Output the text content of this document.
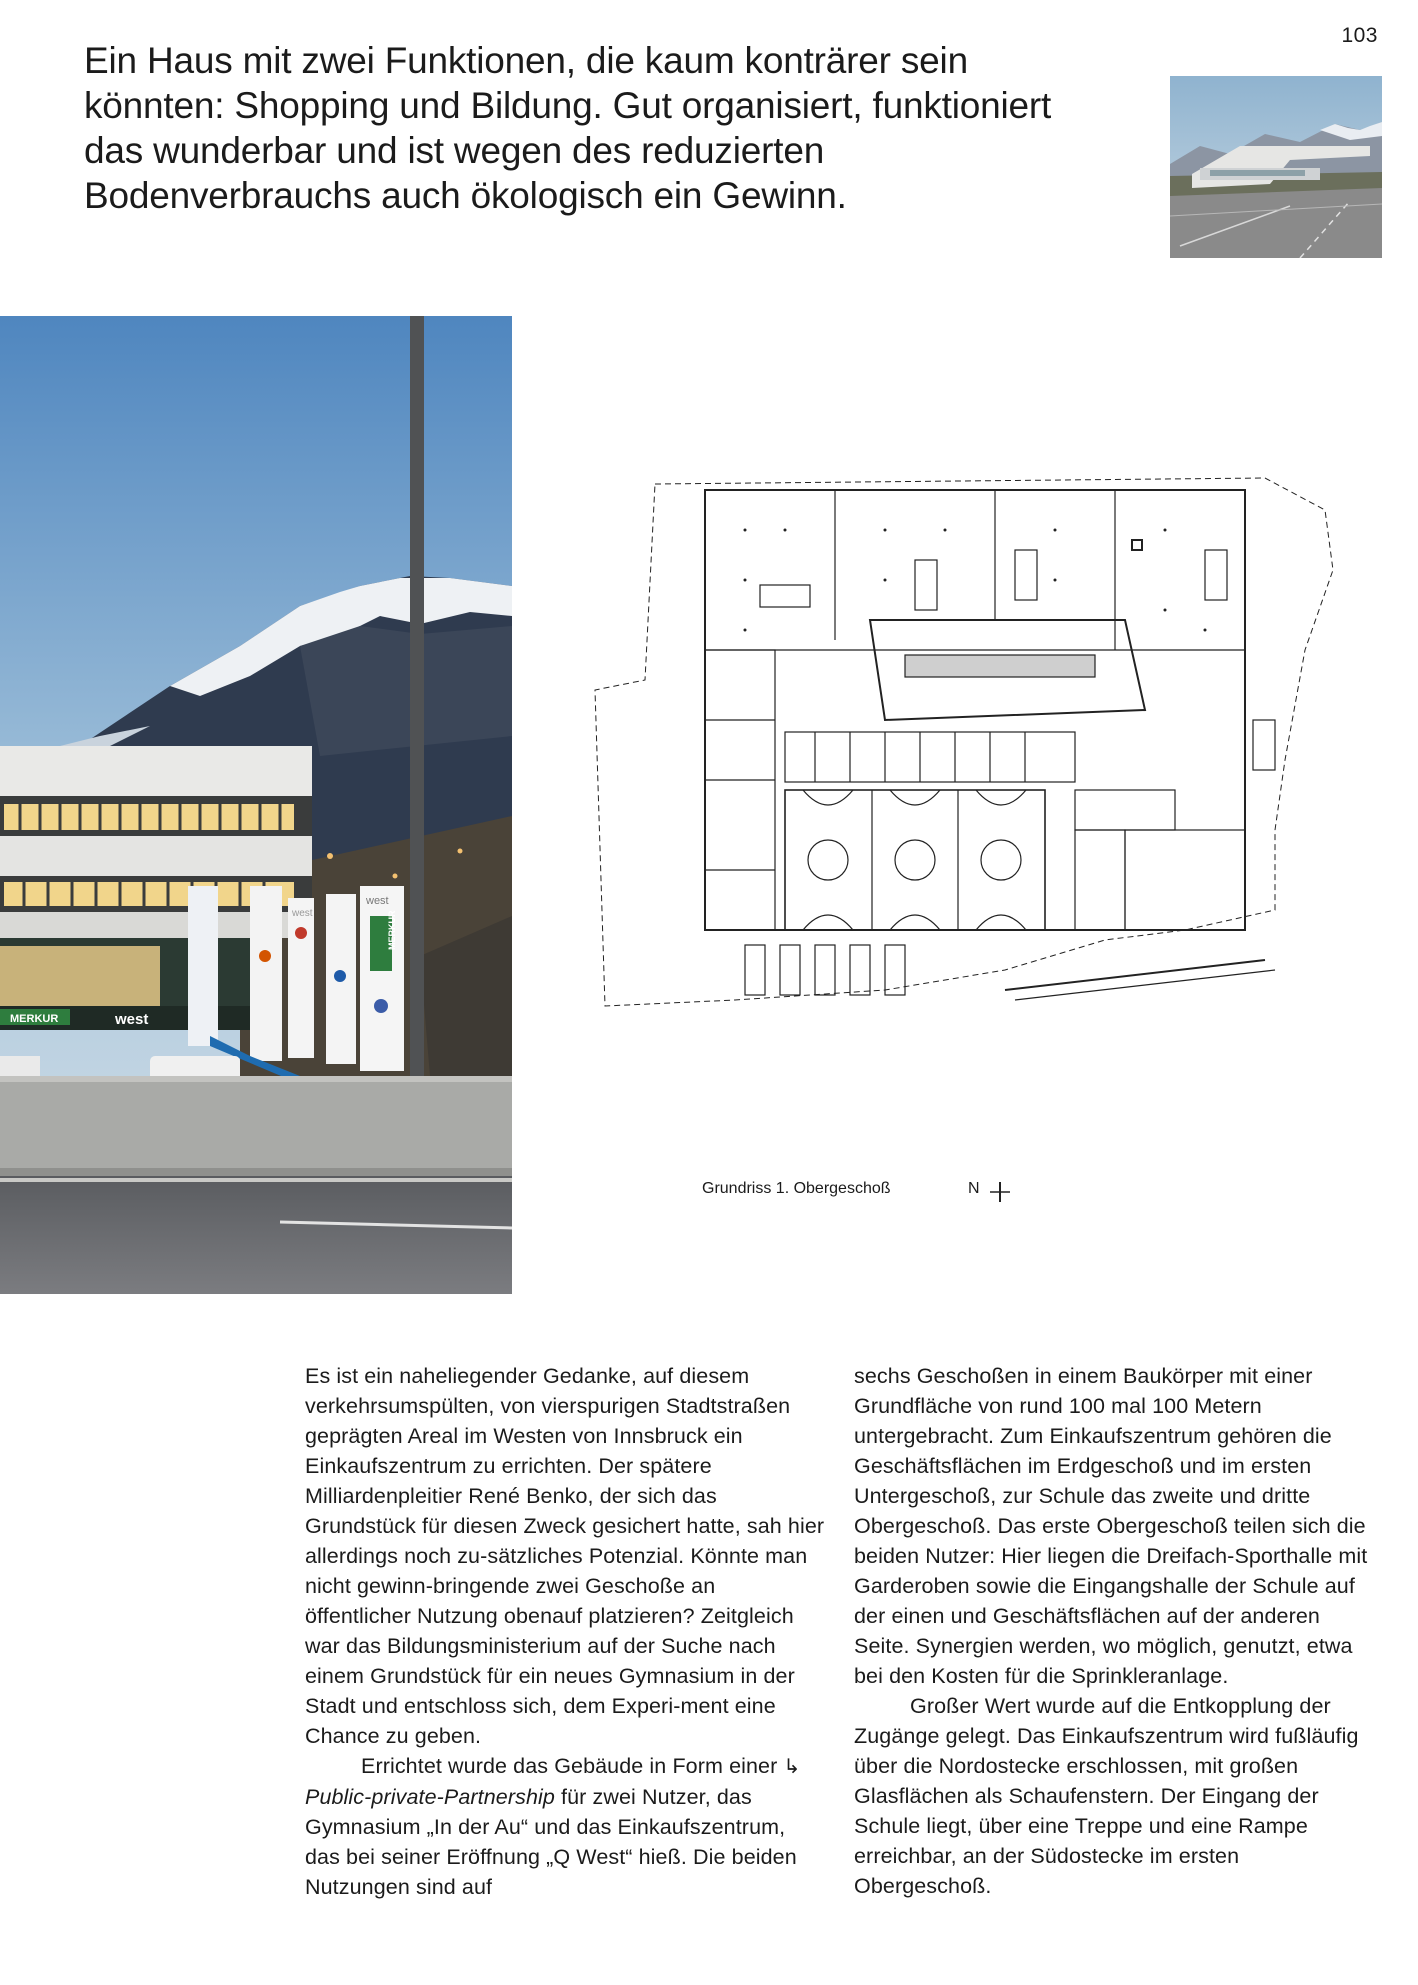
103
Ein Haus mit zwei Funktionen, die kaum konträrer sein könnten: Shopping und Bildung. Gut organisiert, funktioniert das wunderbar und ist wegen des reduzierten Bodenverbrauchs auch ökologisch ein Gewinn.
MERKUR	west
west
MERKUR
west
Grundriss 1. Obergeschoß	N

Es ist ein naheliegender Gedanke, auf diesem verkehrsumspülten, von vierspurigen Stadtstraßen geprägten Areal im Westen von Innsbruck ein Einkaufszentrum zu errichten. Der spätere Milliardenpleitier René Benko, der sich das Grundstück für diesen Zweck gesichert hatte, sah hier allerdings noch zu-sätzliches Potenzial. Könnte man nicht gewinn-bringende zwei Geschoße an öffentlicher Nutzung obenauf platzieren? Zeitgleich war das Bildungsministerium auf der Suche nach einem Grundstück für ein neues Gymnasium in der Stadt und entschloss sich, dem Experi-ment eine Chance zu geben.

Errichtet wurde das Gebäude in Form einer ↳ Public-private-Partnership für zwei Nutzer, das Gymnasium „In der Au“ und das Einkaufszentrum, das bei seiner Eröffnung „Q West“ hieß. Die beiden Nutzungen sind auf

sechs Geschoßen in einem Baukörper mit einer Grundfläche von rund 100 mal 100 Metern untergebracht. Zum Einkaufszentrum gehören die Geschäftsflächen im Erdgeschoß und im ersten Untergeschoß, zur Schule das zweite und dritte Obergeschoß. Das erste Obergeschoß teilen sich die beiden Nutzer: Hier liegen die Dreifach-Sporthalle mit Garderoben sowie die Eingangshalle der Schule auf der einen und Geschäftsflächen auf der anderen Seite. Synergien werden, wo möglich, genutzt, etwa bei den Kosten für die Sprinkleranlage.

Großer Wert wurde auf die Entkopplung der Zugänge gelegt. Das Einkaufszentrum wird fußläufig über die Nordostecke erschlossen, mit großen Glasflächen als Schaufenstern. Der Eingang der Schule liegt, über eine Treppe und eine Rampe erreichbar, an der Südostecke im ersten Obergeschoß.
